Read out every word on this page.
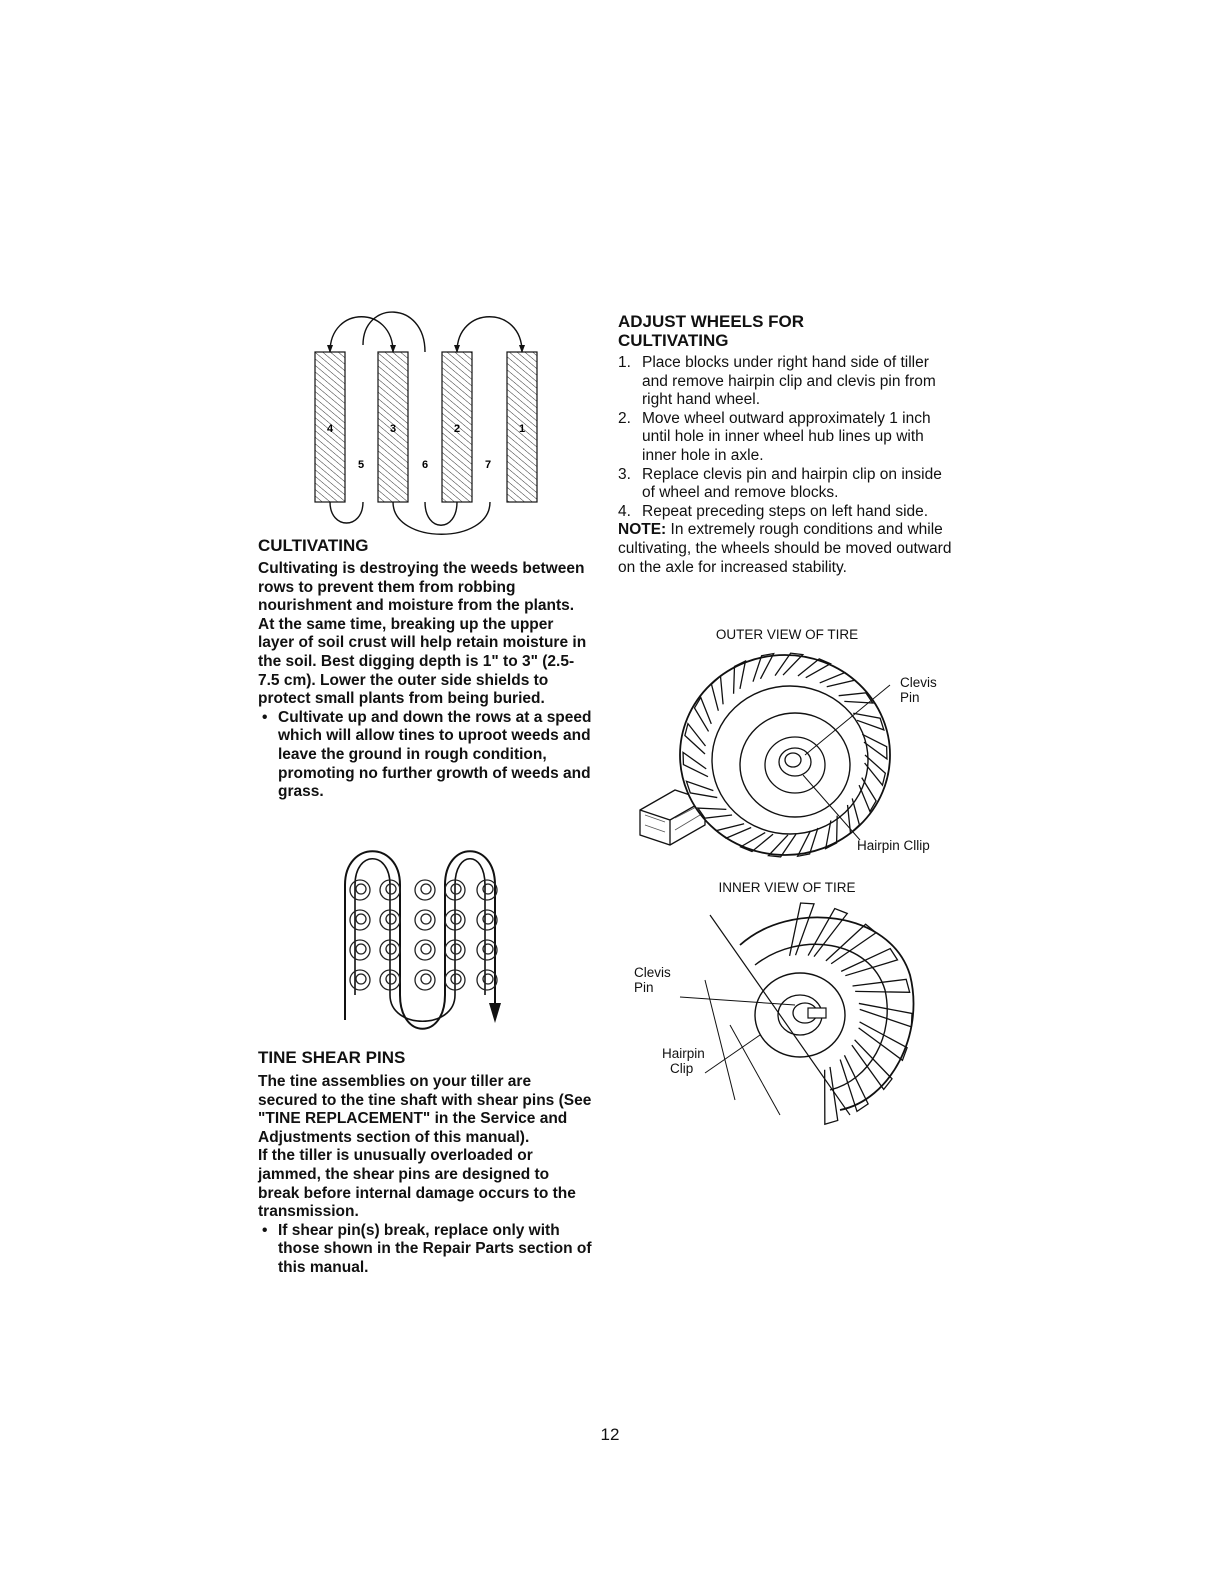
4	3	2	1
5	6	7
CULTIVATING

Cultivating is destroying the weeds between rows to prevent them from robbing nourishment and moisture from the plants. At the same time, breaking up the upper layer of soil crust will help retain moisture in the soil. Best digging depth is 1" to 3" (2.5-7.5 cm). Lower the outer side shields to protect small plants from being buried.

• Cultivate up and down the rows at a speed which will allow tines to uproot weeds and leave the ground in rough condition, promoting no further growth of weeds and grass.
TINE SHEAR PINS

The tine assemblies on your tiller are secured to the tine shaft with shear pins (See "TINE REPLACEMENT" in the Service and Adjustments section of this manual).

If the tiller is unusually overloaded or jammed, the shear pins are designed to break before internal damage occurs to the transmission.

• If shear pin(s) break, replace only with those shown in the Repair Parts section of this manual.
ADJUST WHEELS FOR
CULTIVATING
1. Place blocks under right hand side of tiller and remove hairpin clip and clevis pin from right hand wheel.
2. Move wheel outward approximately 1 inch until hole in inner wheel hub lines up with inner hole in axle.
3. Replace clevis pin and hairpin clip on inside of wheel and remove blocks.
4. Repeat preceding steps on left hand side.

NOTE: In extremely rough conditions and while cultivating, the wheels should be moved outward on the axle for increased stability.

OUTER VIEW OF TIRE
Clevis
Pin
Hairpin Cllip
INNER VIEW OF TIRE
Clevis
Pin
Hairpin
Clip
12
